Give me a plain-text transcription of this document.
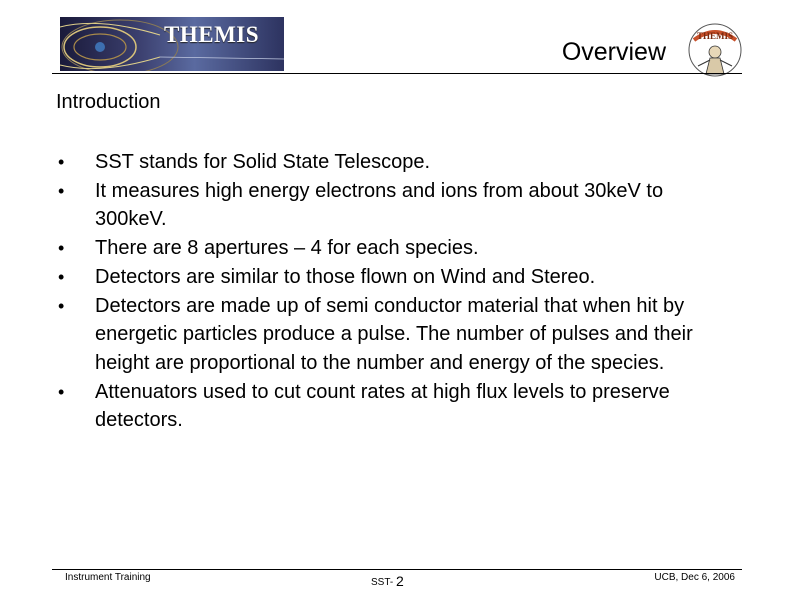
THEMIS
Overview
THEMIS
Introduction
• SST stands for Solid State Telescope.
• It measures high energy electrons and ions from about 30keV to 300keV.
• There are 8 apertures – 4 for each species.
• Detectors are similar to those flown on Wind and Stereo.
• Detectors are made up of semi conductor material that when hit by energetic particles produce a pulse. The number of pulses and their height are proportional to the number and energy of the species.
• Attenuators used to cut count rates at high flux levels to preserve detectors.
Instrument Training	SST- 2	UCB, Dec 6, 2006
